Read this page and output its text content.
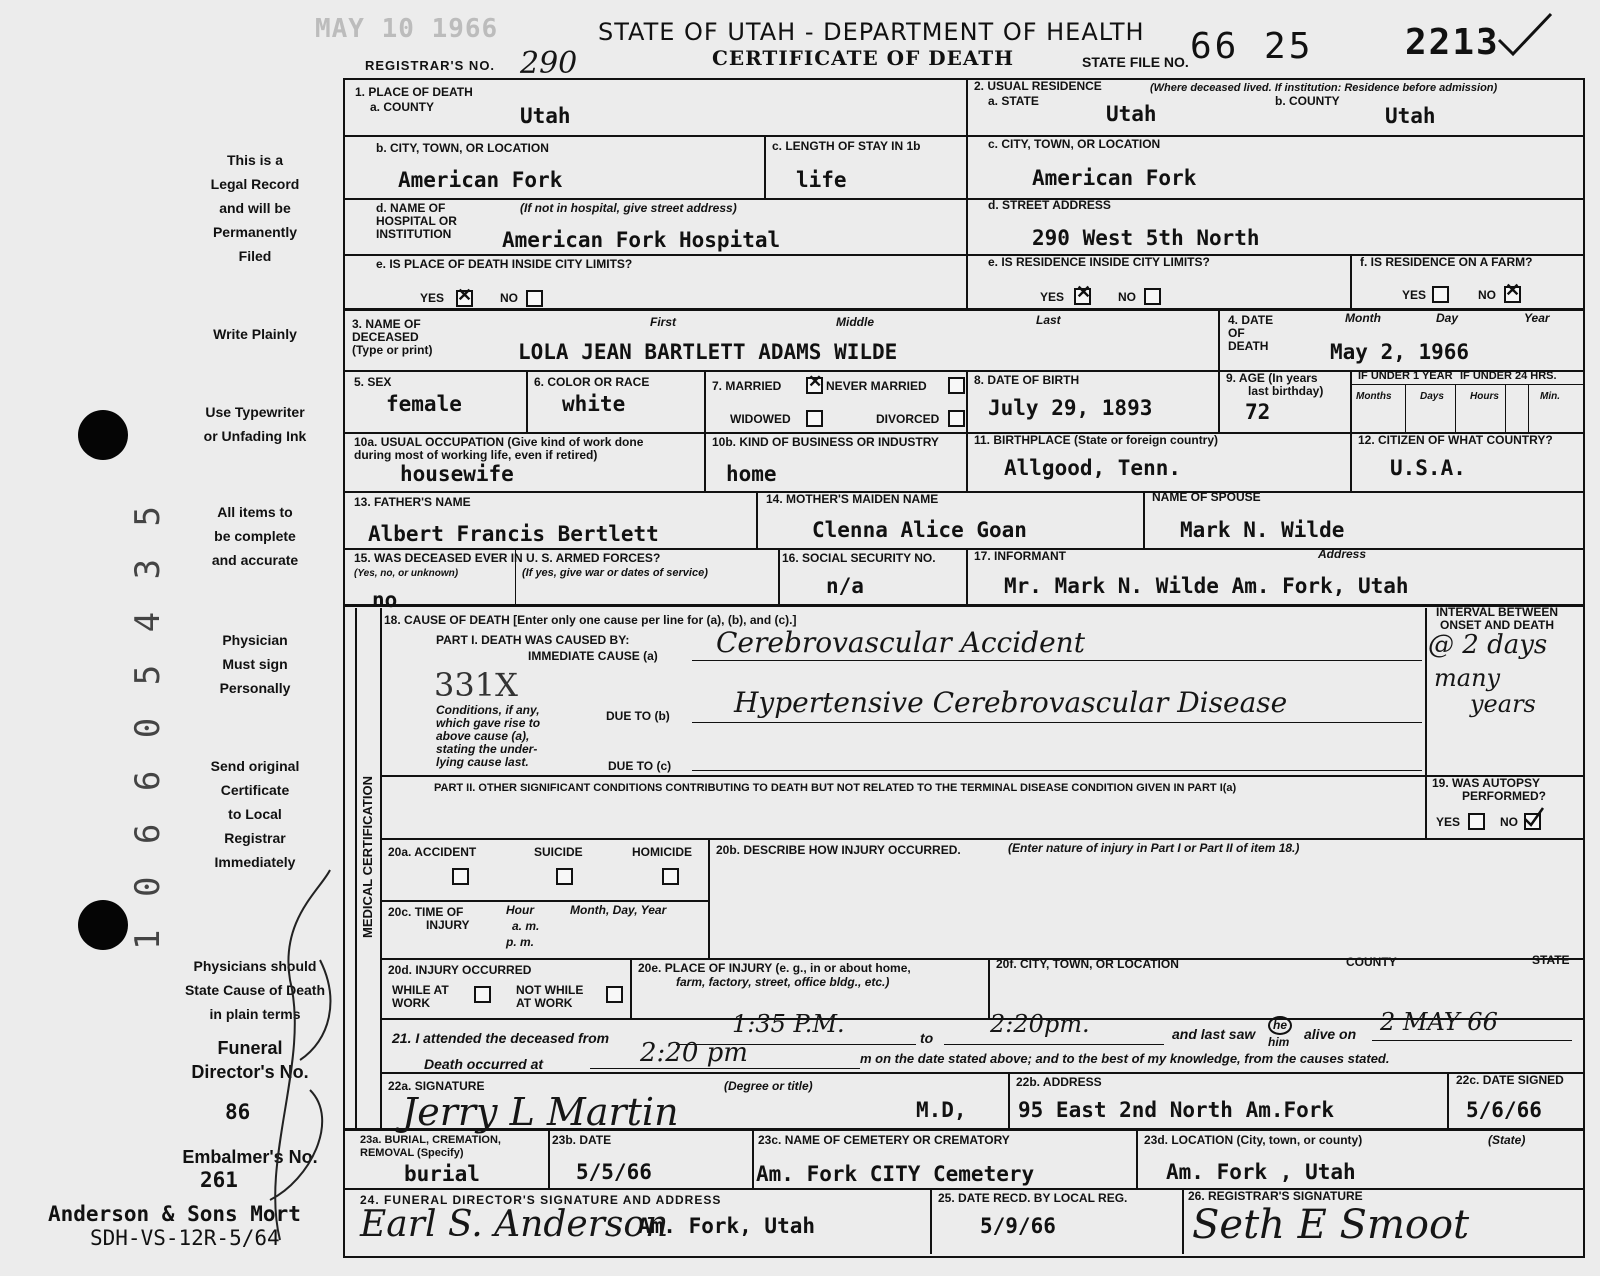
MAY 10 1966	STATE OF UTAH - DEPARTMENT OF HEALTH
REGISTRAR'S NO. 290	CERTIFICATE OF DEATH	STATE FILE NO. 66 25	2213
This is a
Legal Record
and will be
Permanently
Filed
Write Plainly
Use Typewriter
or Unfading Ink
All items to
be complete
and accurate
Physician
Must sign
Personally
Send original
Certificate
to Local
Registrar
Immediately
Physicians should
State Cause of Death
in plain terms
Funeral
Director's No.
86
Embalmer's No.
261
Anderson & Sons Mort
SDH-VS-12R-5/64
1 0 6 6 0 5 4 3 5
1. PLACE OF DEATH
a. COUNTY	Utah
2. USUAL RESIDENCE	(Where deceased lived. If institution: Residence before admission)
a. STATE
Utah
b. COUNTY
Utah
b. CITY, TOWN, OR LOCATION
American Fork
c. LENGTH OF STAY IN 1b
life
c. CITY, TOWN, OR LOCATION
American Fork
d. NAME OF
HOSPITAL OR
INSTITUTION
(If not in hospital, give street address)
American Fork Hospital
d. STREET ADDRESS
290 West 5th North
e. IS PLACE OF DEATH INSIDE CITY LIMITS?
YES ✕ NO
e. IS RESIDENCE INSIDE CITY LIMITS?
YES ✕ NO
f. IS RESIDENCE ON A FARM?
YES	NO ✕
3. NAME OF
DECEASED
(Type or print)
First	Middle	Last
LOLA JEAN BARTLETT ADAMS WILDE
4. DATE
OF
DEATH
Month	Day	Year
May 2, 1966
5. SEX
female
6. COLOR OR RACE
white
7. MARRIED ✕ NEVER MARRIED
WIDOWED	DIVORCED
8. DATE OF BIRTH
July 29, 1893
9. AGE (In years
last birthday)
72
IF UNDER 1 YEAR IF UNDER 24 HRS.
Months	Days	Hours	Min.
10a. USUAL OCCUPATION (Give kind of work done
during most of working life, even if retired)
housewife
10b. KIND OF BUSINESS OR INDUSTRY
home
11. BIRTHPLACE (State or foreign country)
Allgood, Tenn.
12. CITIZEN OF WHAT COUNTRY?
U.S.A.
13. FATHER'S NAME
Albert Francis Bertlett
14. MOTHER'S MAIDEN NAME
Clenna Alice Goan
NAME OF SPOUSE
Mark N. Wilde
15. WAS DECEASED EVER IN U. S. ARMED FORCES?
(Yes, no, or unknown)	(If yes, give war or dates of service)
no
16. SOCIAL SECURITY NO.
n/a
17. INFORMANT	Address
Mr. Mark N. Wilde Am. Fork, Utah
MEDICAL CERTIFICATION
18. CAUSE OF DEATH [Enter only one cause per line for (a), (b), and (c).]
PART I. DEATH WAS CAUSED BY:
IMMEDIATE CAUSE (a) Cerebrovascular Accident
331X
Conditions, if any,
which gave rise to
above cause (a),
stating the under-
lying cause last.
DUE TO (b) Hypertensive Cerebrovascular Disease
DUE TO (c)
INTERVAL BETWEEN
ONSET AND DEATH
@ 2 days
many
years
PART II. OTHER SIGNIFICANT CONDITIONS CONTRIBUTING TO DEATH BUT NOT RELATED TO THE TERMINAL DISEASE CONDITION GIVEN IN PART I(a)	19. WAS AUTOPSY
PERFORMED?
YES	NO
20a. ACCIDENT	SUICIDE	HOMICIDE 20b. DESCRIBE HOW INJURY OCCURRED.	(Enter nature of injury in Part I or Part II of item 18.)
20c. TIME OF
INJURY
Hour
a. m.
p. m.
Month, Day, Year
20d. INJURY OCCURRED
WHILE AT
WORK
NOT WHILE
AT WORK
20e. PLACE OF INJURY (e. g., in or about home,
farm, factory, street, office bldg., etc.)
20f. CITY, TOWN, OR LOCATION	COUNTY	STATE
21. I attended the deceased from	1:35 P.M.	to 2:20pm.	and last saw
he
him alive on 2 MAY 66
Death occurred at	2:20 pm	m on the date stated above; and to the best of my knowledge, from the causes stated.
22a. SIGNATURE	(Degree or title)
Jerry L Martin	M.D,
22b. ADDRESS
95 East 2nd North Am.Fork
22c. DATE SIGNED
5/6/66
23a. BURIAL, CREMATION,
REMOVAL (Specify)
burial
23b. DATE
5/5/66
23c. NAME OF CEMETERY OR CREMATORY
Am. Fork CITY Cemetery
23d. LOCATION (City, town, or county)	(State)
Am. Fork , Utah
24. FUNERAL DIRECTOR'S SIGNATURE AND ADDRESS
Earl S. Anderson
Am. Fork, Utah
25. DATE RECD. BY LOCAL REG.
5/9/66
26. REGISTRAR'S SIGNATURE
Seth E Smoot
